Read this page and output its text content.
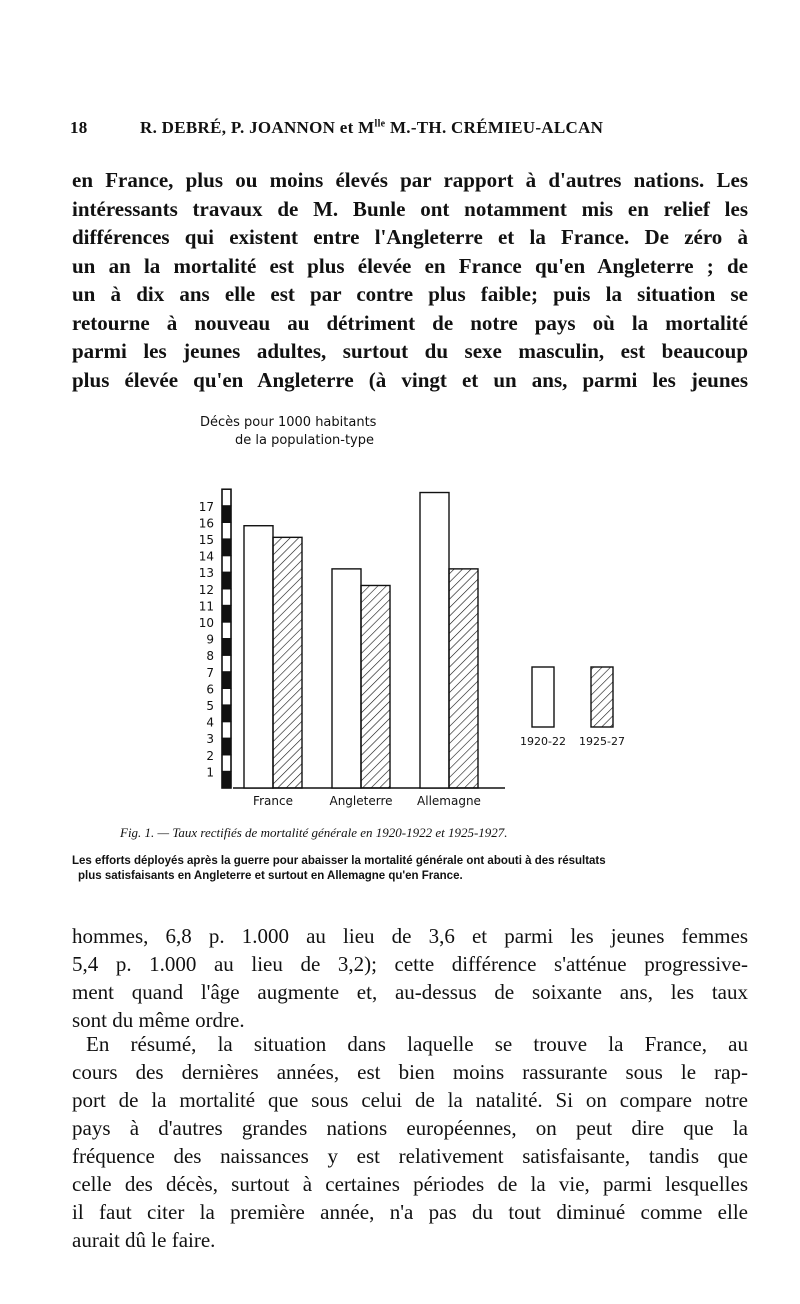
18	R. DEBRÉ, P. JOANNON et $M^{lle}$ M.-TH. CRÉMIEU-ALCAN
en France, plus ou moins élevés par rapport à d'autres nations. Les
intéressants travaux de M. Bunle ont notamment mis en relief les
différences qui existent entre l'Angleterre et la France. De zéro à
un an la mortalité est plus élevée en France qu'en Angleterre ; de
un à dix ans elle est par contre plus faible; puis la situation se
retourne à nouveau au détriment de notre pays où la mortalité
parmi les jeunes adultes, surtout du sexe masculin, est beaucoup
plus élevée qu'en Angleterre (à vingt et un ans, parmi les jeunes
Décès pour 1000 habitants
de la population-type
1
2
3
4
5
6
7
8
9
10
11
12
13
14
15
16
17
France	Angleterre Allemagne
1920-22 1925-27
Fig. 1. — Taux rectifiés de mortalité générale en 1920-1922 et 1925-1927.
Les efforts déployés après la guerre pour abaisser la mortalité générale ont abouti à des résultats
plus satisfaisants en Angleterre et surtout en Allemagne qu'en France.
hommes, 6,8 p. 1.000 au lieu de 3,6 et parmi les jeunes femmes
5,4 p. 1.000 au lieu de 3,2); cette différence s'atténue progressive-
ment quand l'âge augmente et, au-dessus de soixante ans, les taux
sont du même ordre.
En résumé, la situation dans laquelle se trouve la France, au
cours des dernières années, est bien moins rassurante sous le rap-
port de la mortalité que sous celui de la natalité. Si on compare notre
pays à d'autres grandes nations européennes, on peut dire que la
fréquence des naissances y est relativement satisfaisante, tandis que
celle des décès, surtout à certaines périodes de la vie, parmi lesquelles
il faut citer la première année, n'a pas du tout diminué comme elle
aurait dû le faire.
